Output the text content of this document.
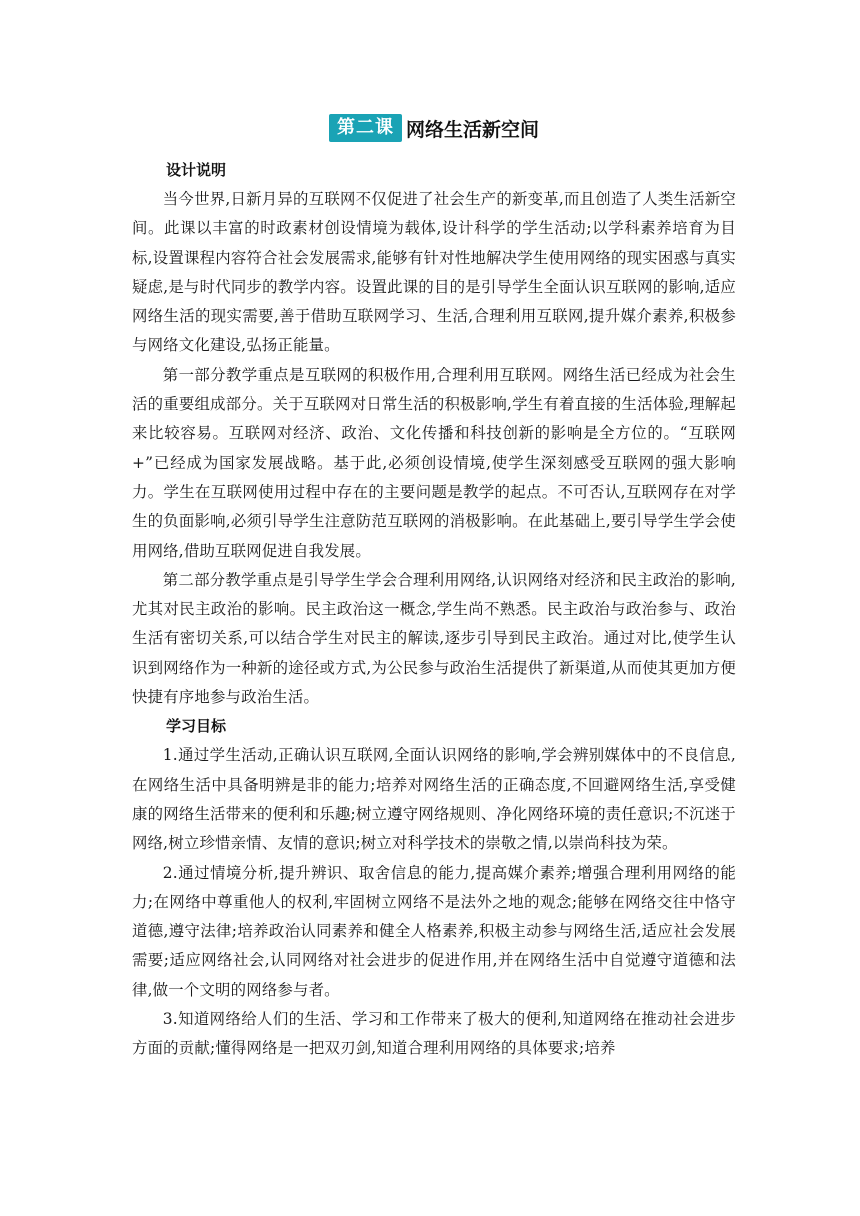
第二课 网络生活新空间
设计说明

当今世界,日新月异的互联网不仅促进了社会生产的新变革,而且创造了人类生活新空间。此课以丰富的时政素材创设情境为载体,设计科学的学生活动;以学科素养培育为目标,设置课程内容符合社会发展需求,能够有针对性地解决学生使用网络的现实困惑与真实疑虑,是与时代同步的教学内容。设置此课的目的是引导学生全面认识互联网的影响,适应网络生活的现实需要,善于借助互联网学习、生活,合理利用互联网,提升媒介素养,积极参与网络文化建设,弘扬正能量。

第一部分教学重点是互联网的积极作用,合理利用互联网。网络生活已经成为社会生活的重要组成部分。关于互联网对日常生活的积极影响,学生有着直接的生活体验,理解起来比较容易。互联网对经济、政治、文化传播和科技创新的影响是全方位的。“互联网+”已经成为国家发展战略。基于此,必须创设情境,使学生深刻感受互联网的强大影响力。学生在互联网使用过程中存在的主要问题是教学的起点。不可否认,互联网存在对学生的负面影响,必须引导学生注意防范互联网的消极影响。在此基础上,要引导学生学会使用网络,借助互联网促进自我发展。

第二部分教学重点是引导学生学会合理利用网络,认识网络对经济和民主政治的影响,尤其对民主政治的影响。民主政治这一概念,学生尚不熟悉。民主政治与政治参与、政治生活有密切关系,可以结合学生对民主的解读,逐步引导到民主政治。通过对比,使学生认识到网络作为一种新的途径或方式,为公民参与政治生活提供了新渠道,从而使其更加方便快捷有序地参与政治生活。

学习目标

1.通过学生活动,正确认识互联网,全面认识网络的影响,学会辨别媒体中的不良信息,在网络生活中具备明辨是非的能力;培养对网络生活的正确态度,不回避网络生活,享受健康的网络生活带来的便利和乐趣;树立遵守网络规则、净化网络环境的责任意识;不沉迷于网络,树立珍惜亲情、友情的意识;树立对科学技术的崇敬之情,以崇尚科技为荣。

2.通过情境分析,提升辨识、取舍信息的能力,提高媒介素养;增强合理利用网络的能力;在网络中尊重他人的权利,牢固树立网络不是法外之地的观念;能够在网络交往中恪守道德,遵守法律;培养政治认同素养和健全人格素养,积极主动参与网络生活,适应社会发展需要;适应网络社会,认同网络对社会进步的促进作用,并在网络生活中自觉遵守道德和法律,做一个文明的网络参与者。

3.知道网络给人们的生活、学习和工作带来了极大的便利,知道网络在推动社会进步方面的贡献;懂得网络是一把双刃剑,知道合理利用网络的具体要求;培养
